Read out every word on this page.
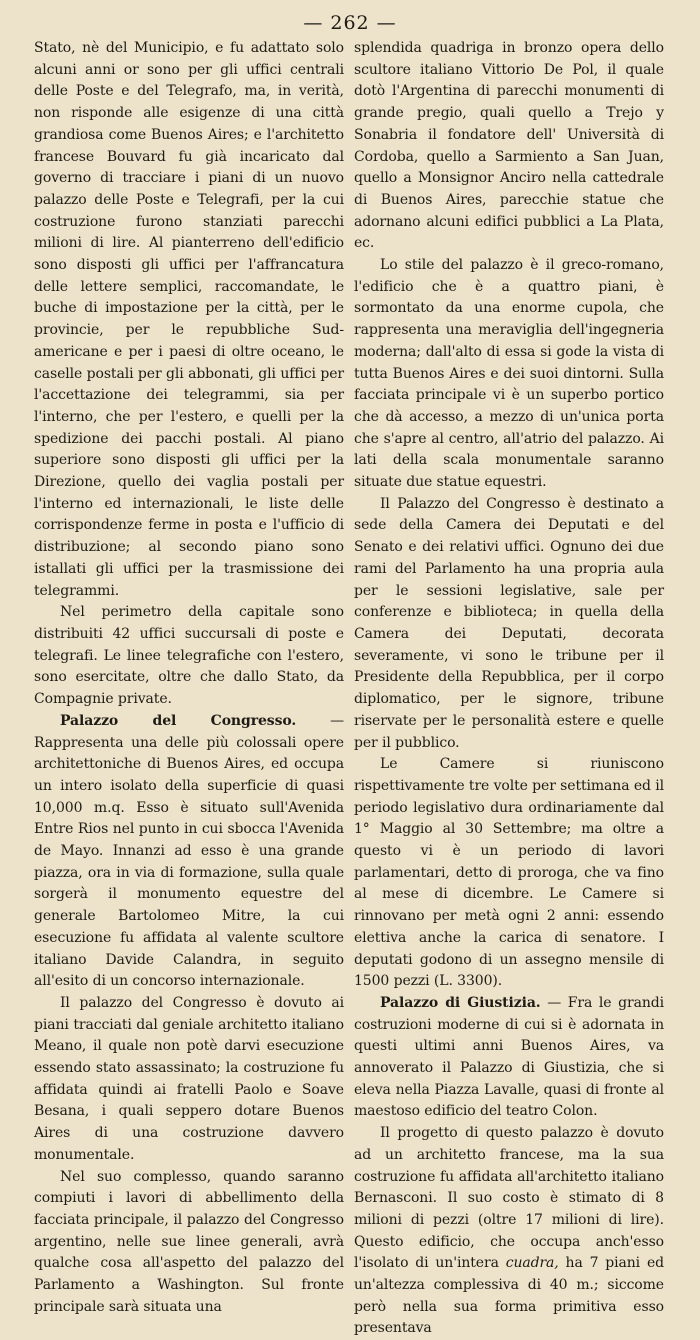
— 262 —
Stato, nè del Municipio, e fu adattato solo alcuni anni or sono per gli uffici centrali delle Poste e del Telegrafo, ma, in verità, non risponde alle esigenze di una città grandiosa come Buenos Aires; e l'architetto francese Bouvard fu già incaricato dal governo di tracciare i piani di un nuovo palazzo delle Poste e Telegrafi, per la cui costruzione furono stanziati parecchi milioni di lire. Al pianterreno dell'edificio sono disposti gli uffici per l'affrancatura delle lettere semplici, raccomandate, le buche di impostazione per la città, per le provincie, per le repubbliche Sud-americane e per i paesi di oltre oceano, le caselle postali per gli abbonati, gli uffici per l'accettazione dei telegrammi, sia per l'interno, che per l'estero, e quelli per la spedizione dei pacchi postali. Al piano superiore sono disposti gli uffici per la Direzione, quello dei vaglia postali per l'interno ed internazionali, le liste delle corrispondenze ferme in posta e l'ufficio di distribuzione; al secondo piano sono istallati gli uffici per la trasmissione dei telegrammi.
Nel perimetro della capitale sono distribuiti 42 uffici succursali di poste e telegrafi. Le linee telegrafiche con l'estero, sono esercitate, oltre che dallo Stato, da Compagnie private.
Palazzo del Congresso. — Rappresenta una delle più colossali opere architettoniche di Buenos Aires, ed occupa un intero isolato della superficie di quasi 10,000 m.q. Esso è situato sull'Avenida Entre Rios nel punto in cui sbocca l'Avenida de Mayo. Innanzi ad esso è una grande piazza, ora in via di formazione, sulla quale sorgerà il monumento equestre del generale Bartolomeo Mitre, la cui esecuzione fu affidata al valente scultore italiano Davide Calandra, in seguito all'esito di un concorso internazionale.
Il palazzo del Congresso è dovuto ai piani tracciati dal geniale architetto italiano Meano, il quale non potè darvi esecuzione essendo stato assassinato; la costruzione fu affidata quindi ai fratelli Paolo e Soave Besana, i quali seppero dotare Buenos Aires di una costruzione davvero monumentale.
Nel suo complesso, quando saranno compiuti i lavori di abbellimento della facciata principale, il palazzo del Congresso argentino, nelle sue linee generali, avrà qualche cosa all'aspetto del palazzo del Parlamento a Washington. Sul fronte principale sarà situata una
splendida quadriga in bronzo opera dello scultore italiano Vittorio De Pol, il quale dotò l'Argentina di parecchi monumenti di grande pregio, quali quello a Trejo y Sonabria il fondatore dell' Università di Cordoba, quello a Sarmiento a San Juan, quello a Monsignor Anciro nella cattedrale di Buenos Aires, parecchie statue che adornano alcuni edifici pubblici a La Plata, ec.
Lo stile del palazzo è il greco-romano, l'edificio che è a quattro piani, è sormontato da una enorme cupola, che rappresenta una meraviglia dell'ingegneria moderna; dall'alto di essa si gode la vista di tutta Buenos Aires e dei suoi dintorni. Sulla facciata principale vi è un superbo portico che dà accesso, a mezzo di un'unica porta che s'apre al centro, all'atrio del palazzo. Ai lati della scala monumentale saranno situate due statue equestri.
Il Palazzo del Congresso è destinato a sede della Camera dei Deputati e del Senato e dei relativi uffici. Ognuno dei due rami del Parlamento ha una propria aula per le sessioni legislative, sale per conferenze e biblioteca; in quella della Camera dei Deputati, decorata severamente, vi sono le tribune per il Presidente della Repubblica, per il corpo diplomatico, per le signore, tribune riservate per le personalità estere e quelle per il pubblico.
Le Camere si riuniscono rispettivamente tre volte per settimana ed il periodo legislativo dura ordinariamente dal 1° Maggio al 30 Settembre; ma oltre a questo vi è un periodo di lavori parlamentari, detto di proroga, che va fino al mese di dicembre. Le Camere si rinnovano per metà ogni 2 anni: essendo elettiva anche la carica di senatore. I deputati godono di un assegno mensile di 1500 pezzi (L. 3300).
Palazzo di Giustizia. — Fra le grandi costruzioni moderne di cui si è adornata in questi ultimi anni Buenos Aires, va annoverato il Palazzo di Giustizia, che si eleva nella Piazza Lavalle, quasi di fronte al maestoso edificio del teatro Colon.
Il progetto di questo palazzo è dovuto ad un architetto francese, ma la sua costruzione fu affidata all'architetto italiano Bernasconi. Il suo costo è stimato di 8 milioni di pezzi (oltre 17 milioni di lire). Questo edificio, che occupa anch'esso l'isolato di un'intera cuadra, ha 7 piani ed un'altezza complessiva di 40 m.; siccome però nella sua forma primitiva esso presentava
